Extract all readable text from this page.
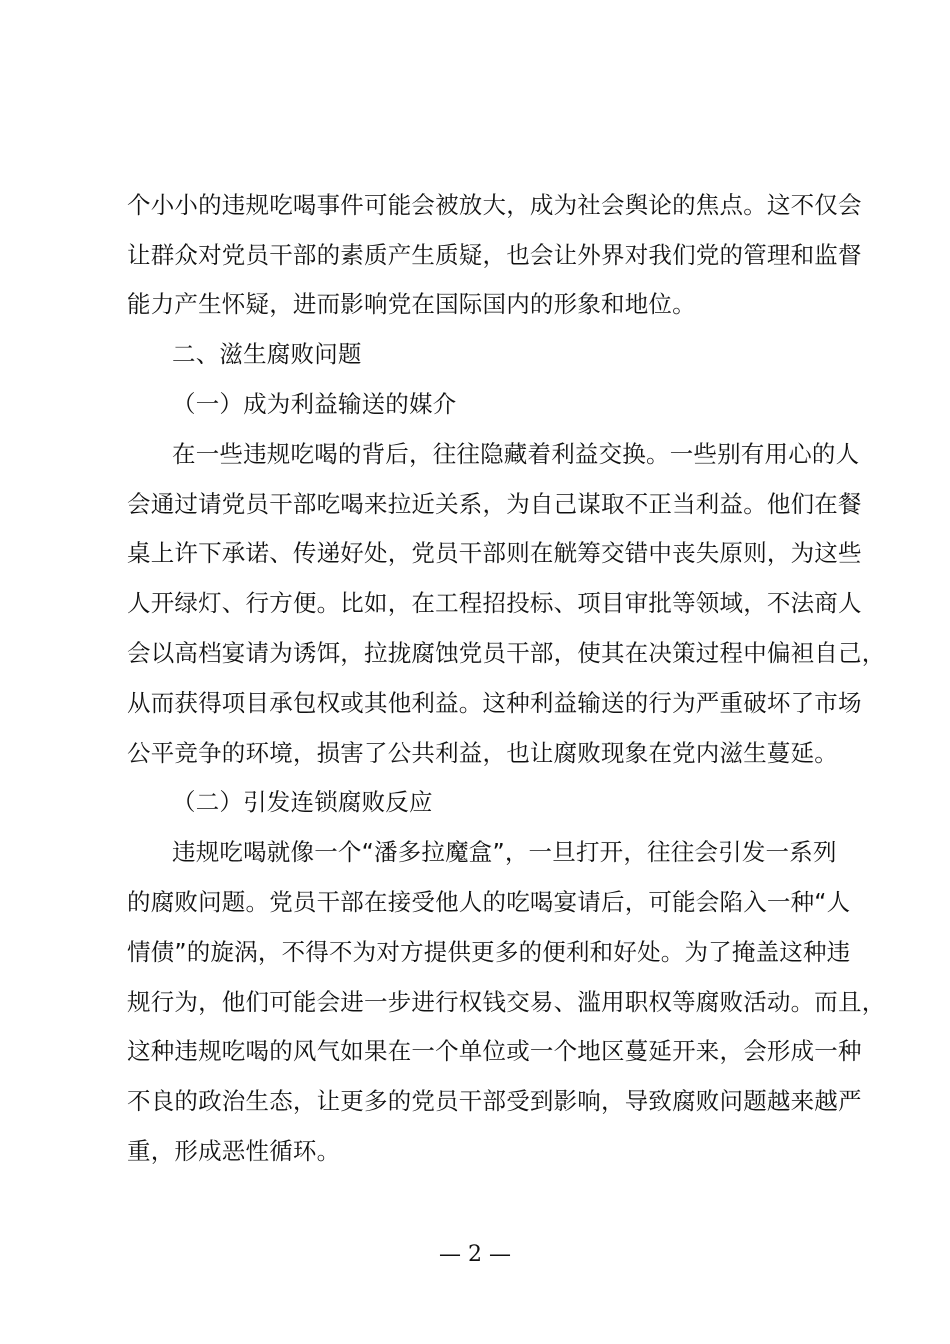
个小小的违规吃喝事件可能会被放大，成为社会舆论的焦点。这不仅会
让群众对党员干部的素质产生质疑，也会让外界对我们党的管理和监督
能力产生怀疑，进而影响党在国际国内的形象和地位。
二、滋生腐败问题
（一）成为利益输送的媒介
在一些违规吃喝的背后，往往隐藏着利益交换。一些别有用心的人
会通过请党员干部吃喝来拉近关系，为自己谋取不正当利益。他们在餐
桌上许下承诺、传递好处，党员干部则在觥筹交错中丧失原则，为这些
人开绿灯、行方便。比如，在工程招投标、项目审批等领域，不法商人
会以高档宴请为诱饵，拉拢腐蚀党员干部，使其在决策过程中偏袒自己，
从而获得项目承包权或其他利益。这种利益输送的行为严重破坏了市场
公平竞争的环境，损害了公共利益，也让腐败现象在党内滋生蔓延。
（二）引发连锁腐败反应
违规吃喝就像一个“潘多拉魔盒”，一旦打开，往往会引发一系列
的腐败问题。党员干部在接受他人的吃喝宴请后，可能会陷入一种“人
情债”的旋涡，不得不为对方提供更多的便利和好处。为了掩盖这种违
规行为，他们可能会进一步进行权钱交易、滥用职权等腐败活动。而且，
这种违规吃喝的风气如果在一个单位或一个地区蔓延开来，会形成一种
不良的政治生态，让更多的党员干部受到影响，导致腐败问题越来越严
重，形成恶性循环。
— 2 —
